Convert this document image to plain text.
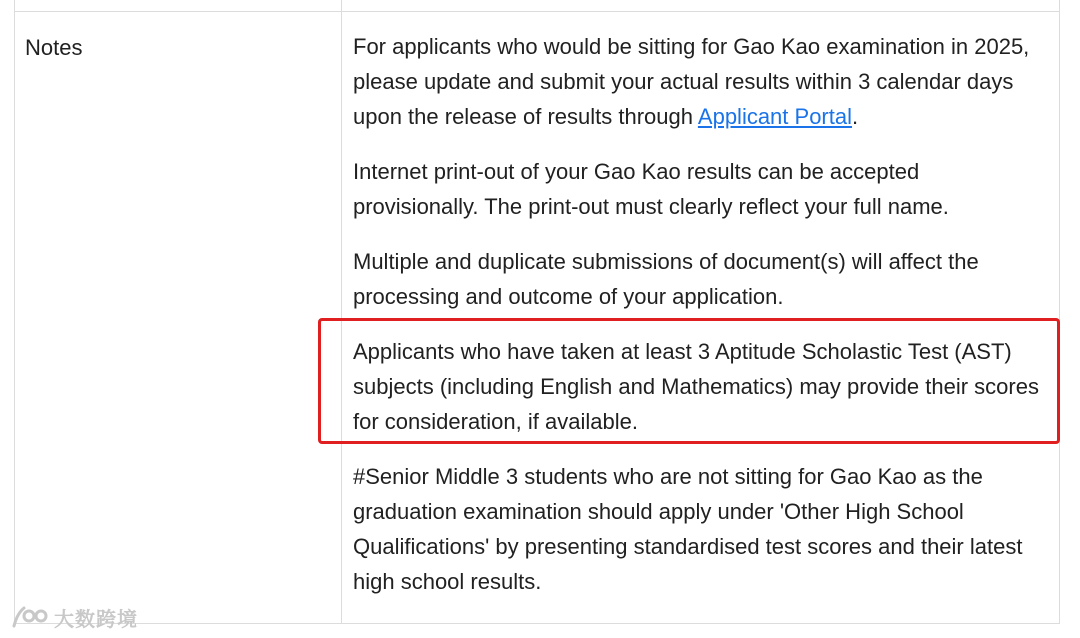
Notes	For applicants who would be sitting for Gao Kao examination in 2025, please update and submit your actual results within 3 calendar days upon the release of results through Applicant Portal.

Internet print-out of your Gao Kao results can be accepted provisionally. The print-out must clearly reflect your full name.

Multiple and duplicate submissions of document(s) will affect the processing and outcome of your application.

Applicants who have taken at least 3 Aptitude Scholastic Test (AST) subjects (including English and Mathematics) may provide their scores for consideration, if available.

#Senior Middle 3 students who are not sitting for Gao Kao as the graduation examination should apply under 'Other High School Qualifications' by presenting standardised test scores and their latest high school results.

大数跨境
